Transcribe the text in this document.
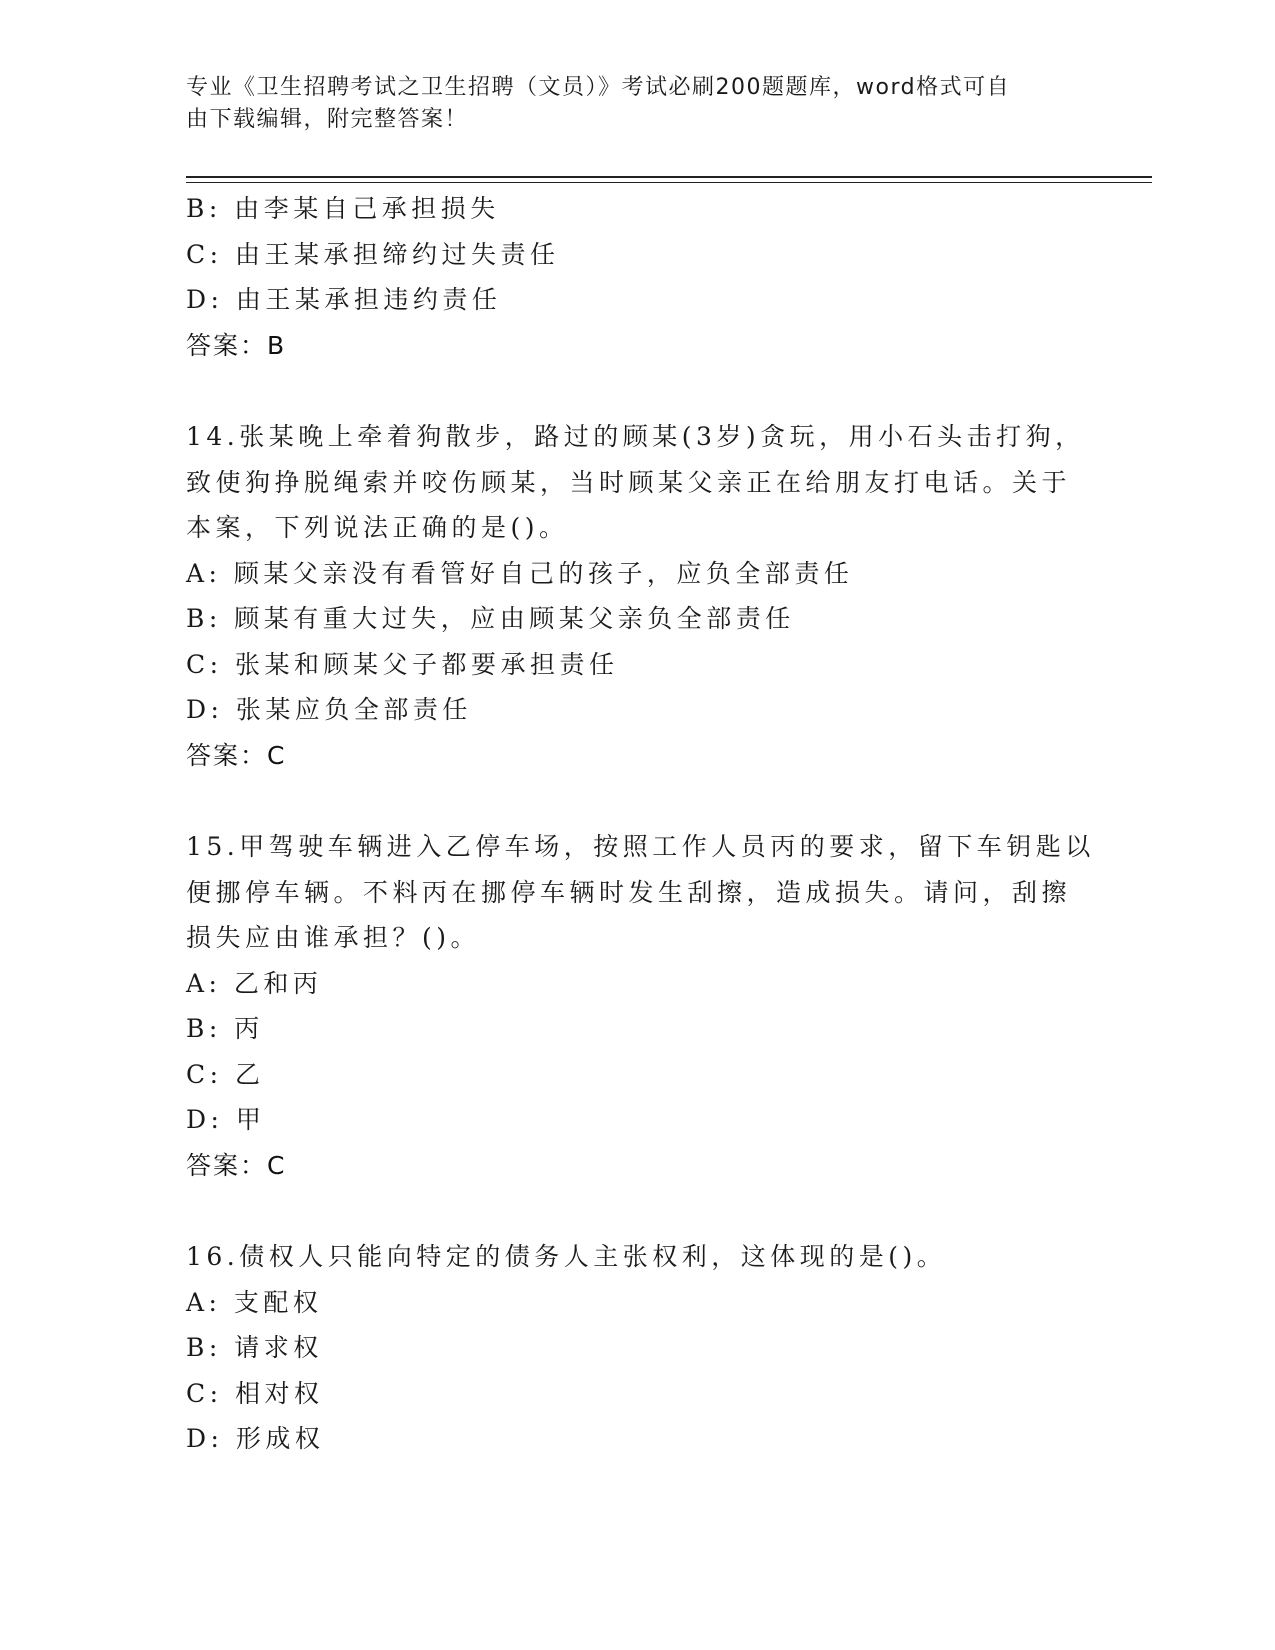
专业《卫生招聘考试之卫生招聘（文员）》考试必刷200题题库，word格式可自
由下载编辑，附完整答案！
B: 由李某自己承担损失
C: 由王某承担缔约过失责任
D: 由王某承担违约责任
答案：B
14.张某晚上牵着狗散步，路过的顾某(3岁)贪玩，用小石头击打狗，
致使狗挣脱绳索并咬伤顾某，当时顾某父亲正在给朋友打电话。关于
本案，下列说法正确的是()。
A: 顾某父亲没有看管好自己的孩子，应负全部责任
B: 顾某有重大过失，应由顾某父亲负全部责任
C: 张某和顾某父子都要承担责任
D: 张某应负全部责任
答案：C
15.甲驾驶车辆进入乙停车场，按照工作人员丙的要求，留下车钥匙以
便挪停车辆。不料丙在挪停车辆时发生刮擦，造成损失。请问，刮擦
损失应由谁承担？()。
A: 乙和丙
B: 丙
C: 乙
D: 甲
答案：C
16.债权人只能向特定的债务人主张权利，这体现的是()。
A: 支配权
B: 请求权
C: 相对权
D: 形成权
